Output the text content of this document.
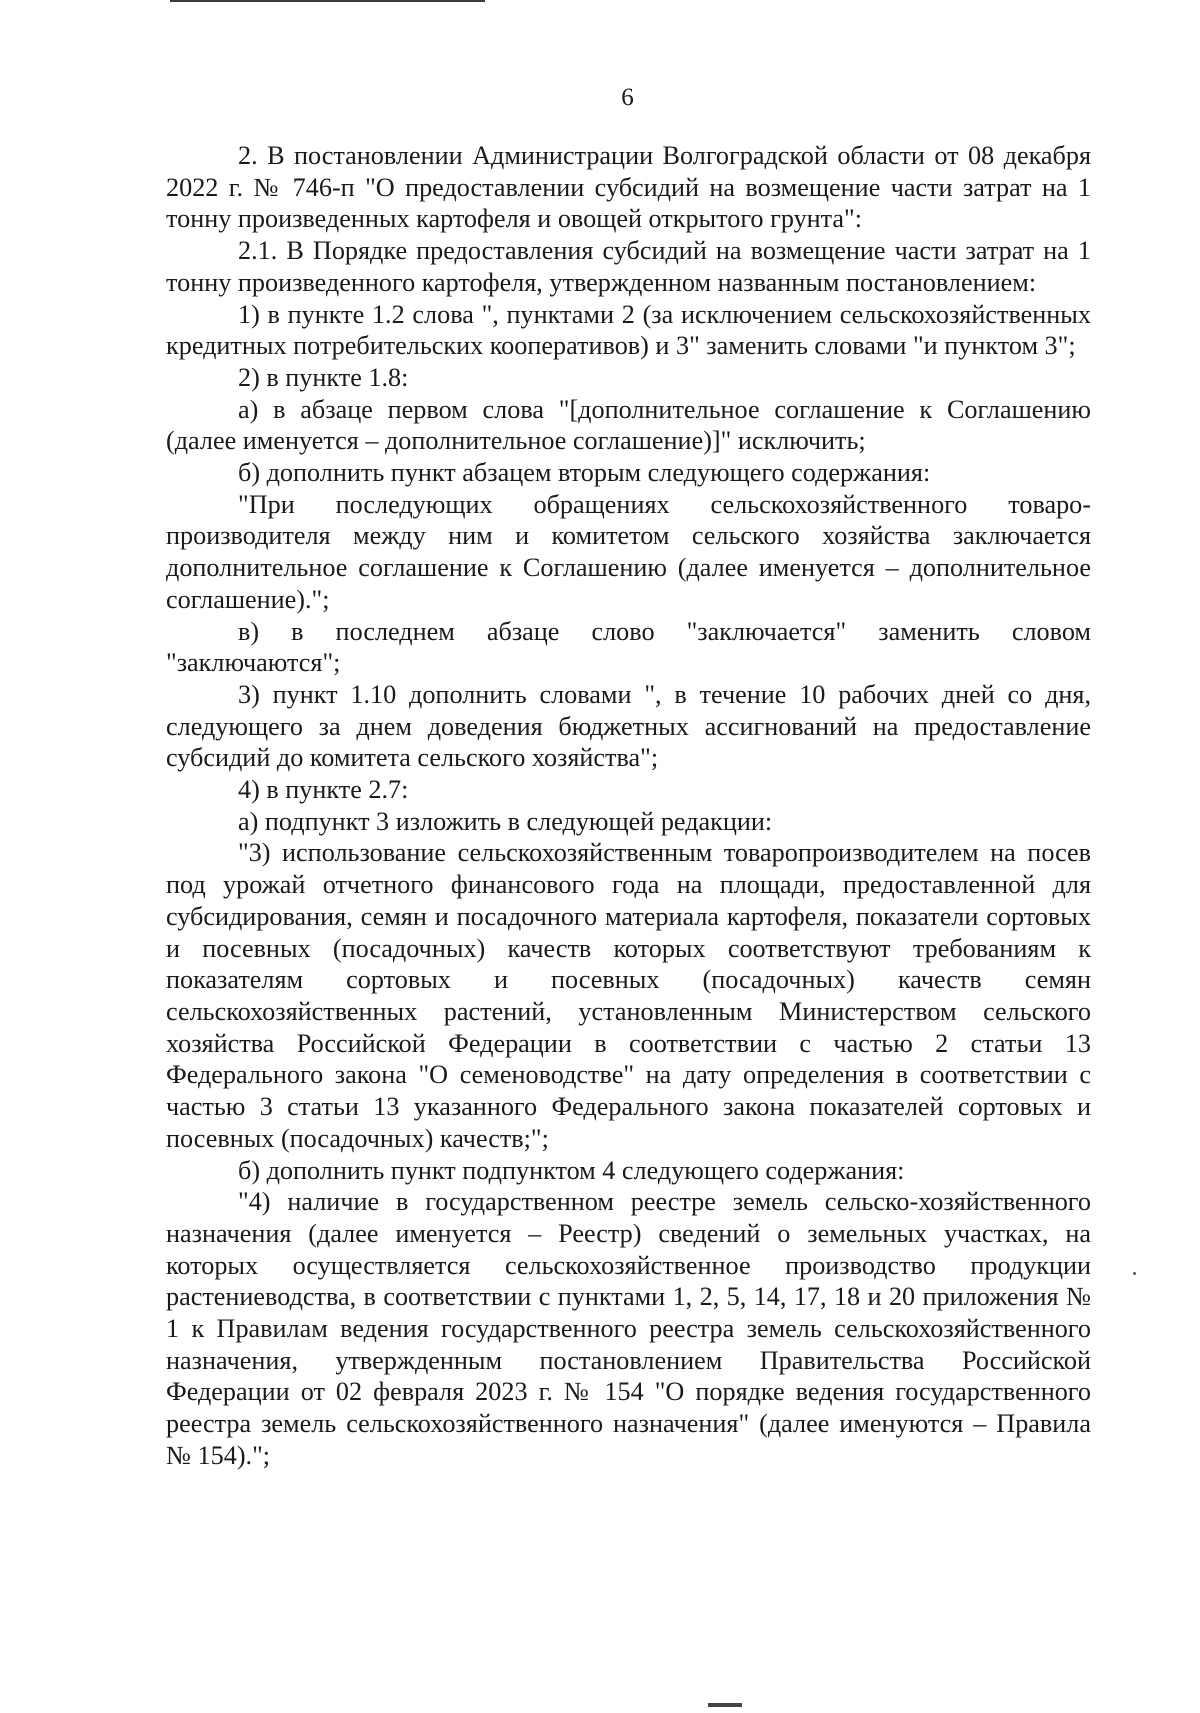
6

2. В постановлении Администрации Волгоградской области от 08 декабря 2022 г. № 746-п "О предоставлении субсидий на возмещение части затрат на 1 тонну произведенных картофеля и овощей открытого грунта":

2.1. В Порядке предоставления субсидий на возмещение части затрат на 1 тонну произведенного картофеля, утвержденном названным постановлением:

1) в пункте 1.2 слова ", пунктами 2 (за исключением сельскохозяйственных кредитных потребительских кооперативов) и 3" заменить словами "и пунктом 3";

2) в пункте 1.8:

а) в абзаце первом слова "[дополнительное соглашение к Соглашению (далее именуется – дополнительное соглашение)]" исключить;

б) дополнить пункт абзацем вторым следующего содержания:

"При последующих обращениях сельскохозяйственного товаро-производителя между ним и комитетом сельского хозяйства заключается дополнительное соглашение к Соглашению (далее именуется – дополнительное соглашение).";

в) в последнем абзаце слово "заключается" заменить словом "заключаются";

3) пункт 1.10 дополнить словами ", в течение 10 рабочих дней со дня, следующего за днем доведения бюджетных ассигнований на предоставление субсидий до комитета сельского хозяйства";

4) в пункте 2.7:

а) подпункт 3 изложить в следующей редакции:

"3) использование сельскохозяйственным товаропроизводителем на посев под урожай отчетного финансового года на площади, предоставленной для субсидирования, семян и посадочного материала картофеля, показатели сортовых и посевных (посадочных) качеств которых соответствуют требованиям к показателям сортовых и посевных (посадочных) качеств семян сельскохозяйственных растений, установленным Министерством сельского хозяйства Российской Федерации в соответствии с частью 2 статьи 13 Федерального закона "О семеноводстве" на дату определения в соответствии с частью 3 статьи 13 указанного Федерального закона показателей сортовых и посевных (посадочных) качеств;";

б) дополнить пункт подпунктом 4 следующего содержания:

"4) наличие в государственном реестре земель сельско-хозяйственного назначения (далее именуется – Реестр) сведений о земельных участках, на которых осуществляется сельскохозяйственное производство продукции растениеводства, в соответствии с пунктами 1, 2, 5, 14, 17, 18 и 20 приложения № 1 к Правилам ведения государственного реестра земель сельскохозяйственного назначения, утвержденным постановлением Правительства Российской Федерации от 02 февраля 2023 г. № 154 "О порядке ведения государственного реестра земель сельскохозяйственного назначения" (далее именуются – Правила № 154).";
